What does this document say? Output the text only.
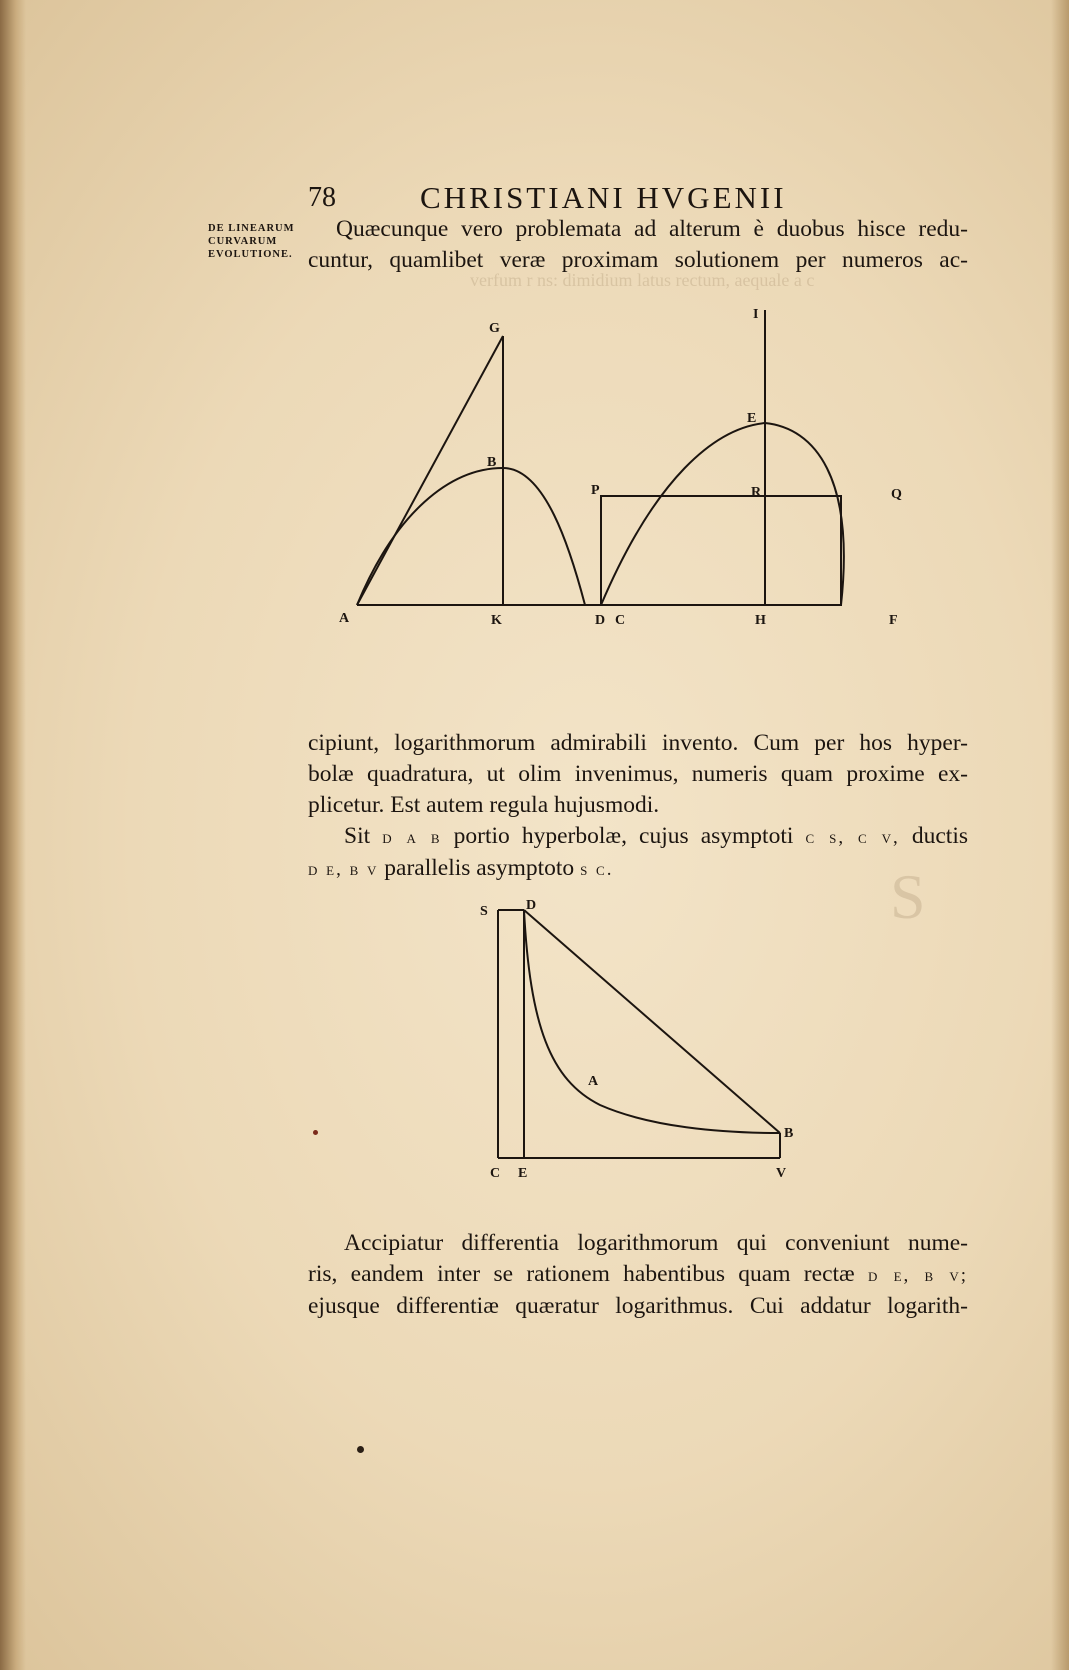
verfum r ns: dimidium latus rectum, aequale a c
S
78	CHRISTIANI HVGENII
DE LINEARUM
CURVARUM
EVOLUTIONE.

Quæcunque vero problemata ad alterum è duobus hisce redu-

cuntur, quamlibet veræ proximam solutionem per numeros ac-

G
B
A	K	C
I
E
P	R	Q
D	H	F

cipiunt, logarithmorum admirabili invento. Cum per hos hyper-

bolæ quadratura, ut olim invenimus, numeris quam proxime ex-

plicetur. Est autem regula hujusmodi.

Sit d a b portio hyperbolæ, cujus asymptoti c s, c v, ductis

d e, b v parallelis asymptoto s c.

S	D
A
B
C E	V

Accipiatur differentia logarithmorum qui conveniunt nume-

ris, eandem inter se rationem habentibus quam rectæ d e, b v;

ejusque differentiæ quæratur logarithmus. Cui addatur logarith-
